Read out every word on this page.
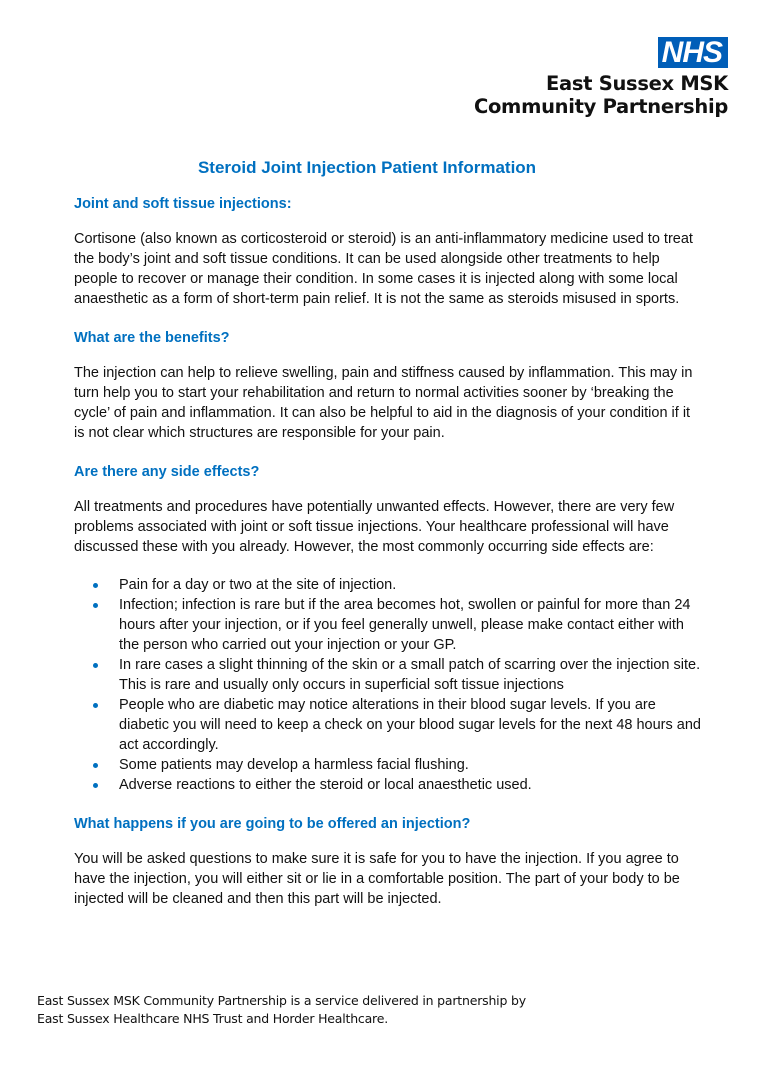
NHS
East Sussex MSK
Community Partnership
Steroid Joint Injection Patient Information
Joint and soft tissue injections:

Cortisone (also known as corticosteroid or steroid) is an anti-inflammatory medicine used to treat the body’s joint and soft tissue conditions. It can be used alongside other treatments to help people to recover or manage their condition. In some cases it is injected along with some local anaesthetic as a form of short-term pain relief. It is not the same as steroids misused in sports.

What are the benefits?

The injection can help to relieve swelling, pain and stiffness caused by inflammation. This may in turn help you to start your rehabilitation and return to normal activities sooner by ‘breaking the cycle’ of pain and inflammation. It can also be helpful to aid in the diagnosis of your condition if it is not clear which structures are responsible for your pain.

Are there any side effects?

All treatments and procedures have potentially unwanted effects. However, there are very few problems associated with joint or soft tissue injections. Your healthcare professional will have discussed these with you already. However, the most commonly occurring side effects are:

Pain for a day or two at the site of injection.
Infection; infection is rare but if the area becomes hot, swollen or painful for more than 24 hours after your injection, or if you feel generally unwell, please make contact either with the person who carried out your injection or your GP.
In rare cases a slight thinning of the skin or a small patch of scarring over the injection site. This is rare and usually only occurs in superficial soft tissue injections
People who are diabetic may notice alterations in their blood sugar levels. If you are diabetic you will need to keep a check on your blood sugar levels for the next 48 hours and act accordingly.
Some patients may develop a harmless facial flushing.
Adverse reactions to either the steroid or local anaesthetic used.
What happens if you are going to be offered an injection?

You will be asked questions to make sure it is safe for you to have the injection. If you agree to have the injection, you will either sit or lie in a comfortable position. The part of your body to be injected will be cleaned and then this part will be injected.

East Sussex MSK Community Partnership is a service delivered in partnership by
East Sussex Healthcare NHS Trust and Horder Healthcare.
